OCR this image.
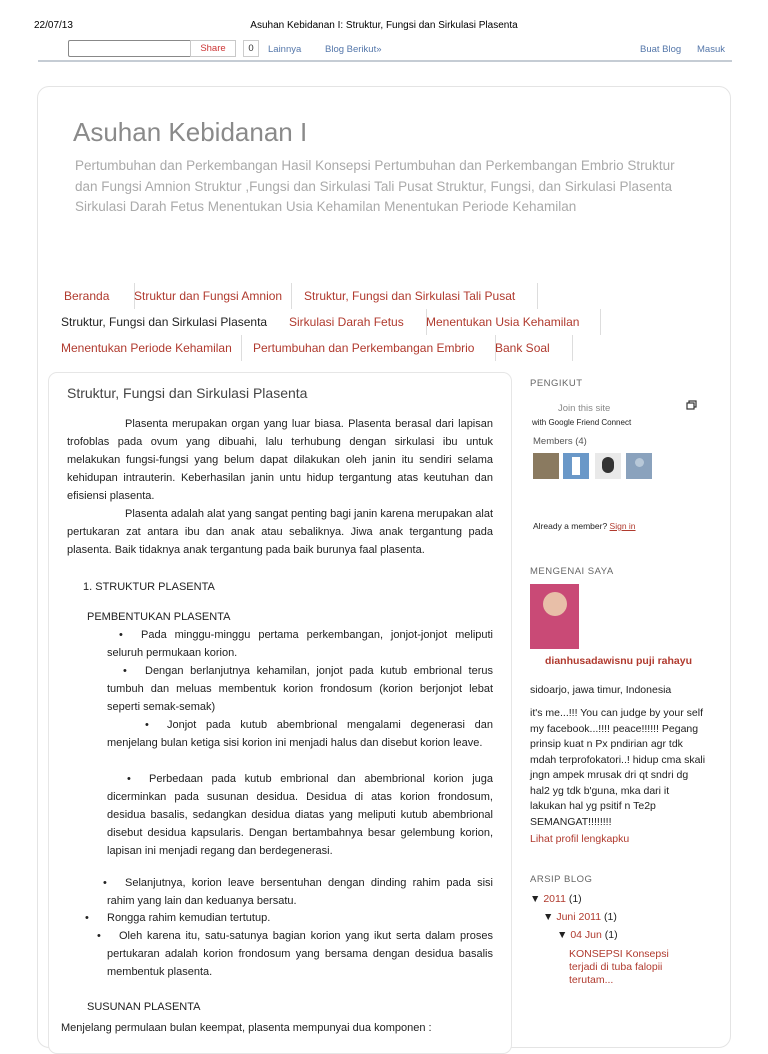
22/07/13	Asuhan Kebidanan I: Struktur, Fungsi dan Sirkulasi Plasenta
Share	0	Lainnya Blog Berikut»	Buat Blog Masuk
Asuhan Kebidanan I
Pertumbuhan dan Perkembangan Hasil Konsepsi Pertumbuhan dan Perkembangan Embrio Struktur dan Fungsi Amnion Struktur ,Fungsi dan Sirkulasi Tali Pusat Struktur, Fungsi, dan Sirkulasi Plasenta Sirkulasi Darah Fetus Menentukan Usia Kehamilan Menentukan Periode Kehamilan
Beranda	Struktur dan Fungsi Amnion	Struktur, Fungsi dan Sirkulasi Tali Pusat
Struktur, Fungsi dan Sirkulasi Plasenta	Sirkulasi Darah Fetus	Menentukan Usia Kehamilan
Menentukan Periode Kehamilan	Pertumbuhan dan Perkembangan Embrio	Bank Soal
Struktur, Fungsi dan Sirkulasi Plasenta

Plasenta merupakan organ yang luar biasa. Plasenta berasal dari lapisan trofoblas pada ovum yang dibuahi, lalu terhubung dengan sirkulasi ibu untuk melakukan fungsi-fungsi yang belum dapat dilakukan oleh janin itu sendiri selama kehidupan intrauterin. Keberhasilan janin untu hidup tergantung atas keutuhan dan efisiensi plasenta.

Plasenta adalah alat yang sangat penting bagi janin karena merupakan alat pertukaran zat antara ibu dan anak atau sebaliknya. Jiwa anak tergantung pada plasenta. Baik tidaknya anak tergantung pada baik burunya faal plasenta.

1. STRUKTUR PLASENTA
PEMBENTUKAN PLASENTA
• Pada minggu-minggu pertama perkembangan, jonjot-jonjot meliputi seluruh permukaan korion.
• Dengan berlanjutnya kehamilan, jonjot pada kutub embrional terus tumbuh dan meluas membentuk korion frondosum (korion berjonjot lebat seperti semak-semak)
• Jonjot pada kutub abembrional mengalami degenerasi dan menjelang bulan ketiga sisi korion ini menjadi halus dan disebut korion leave.
• Perbedaan pada kutub embrional dan abembrional korion juga dicerminkan pada susunan desidua. Desidua di atas korion frondosum, desidua basalis, sedangkan desidua diatas yang meliputi kutub abembrional disebut desidua kapsularis. Dengan bertambahnya besar gelembung korion, lapisan ini menjadi regang dan berdegenerasi.
• Selanjutnya, korion leave bersentuhan dengan dinding rahim pada sisi rahim yang lain dan keduanya bersatu.
• Rongga rahim kemudian tertutup.
• Oleh karena itu, satu-satunya bagian korion yang ikut serta dalam proses pertukaran adalah korion frondosum yang bersama dengan desidua basalis membentuk plasenta.
SUSUNAN PLASENTA
Menjelang permulaan bulan keempat, plasenta mempunyai dua komponen :
PENGIKUT
Join this site
with Google Friend Connect
Members (4)
Already a member? Sign in
MENGENAI SAYA
dianhusadawisnu puji rahayu
sidoarjo, jawa timur, Indonesia
it's me...!!! You can judge by your self my facebook...!!!! peace!!!!!! Pegang prinsip kuat n Px pndirian agr tdk mdah terprofokatori..! hidup cma skali jngn ampek mrusak dri qt sndri dg hal2 yg tdk b'guna, mka dari it lakukan hal yg psitif n Te2p SEMANGAT!!!!!!!!
Lihat profil lengkapku
ARSIP BLOG
▼ 2011 (1)
▼ Juni 2011 (1)
▼ 04 Jun (1)
KONSEPSI Konsepsi terjadi di tuba falopii terutam...
